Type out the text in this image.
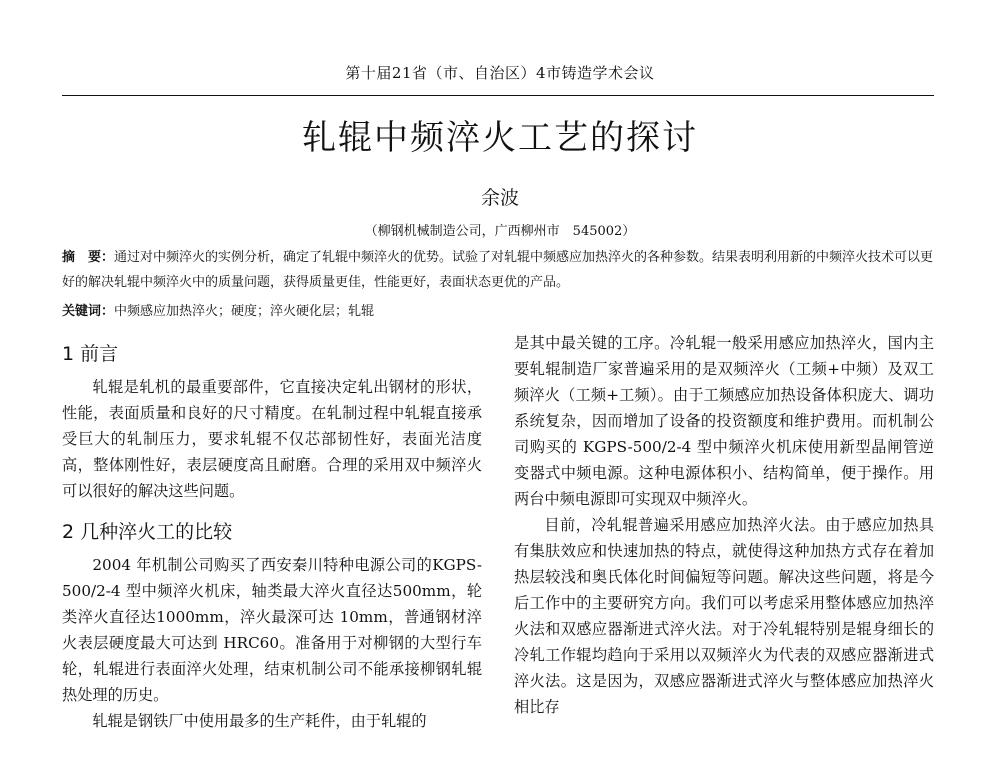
第十届21省（市、自治区）4市铸造学术会议
轧辊中频淬火工艺的探讨
余波
（柳钢机械制造公司，广西柳州市　545002）
摘　要：通过对中频淬火的实例分析，确定了轧辊中频淬火的优势。试验了对轧辊中频感应加热淬火的各种参数。结果表明利用新的中频淬火技术可以更好的解决轧辊中频淬火中的质量问题，获得质量更佳，性能更好，表面状态更优的产品。
关键词：中频感应加热淬火；硬度；淬火硬化层；轧辊
1 前言

轧辊是轧机的最重要部件，它直接决定轧出钢材的形状，性能，表面质量和良好的尺寸精度。在轧制过程中轧辊直接承受巨大的轧制压力，要求轧辊不仅芯部韧性好，表面光洁度高，整体刚性好，表层硬度高且耐磨。合理的采用双中频淬火可以很好的解决这些问题。

2 几种淬火工的比较

2004 年机制公司购买了西安秦川特种电源公司的KGPS-500/2-4 型中频淬火机床，轴类最大淬火直径达500mm，轮类淬火直径达1000mm，淬火最深可达 10mm，普通钢材淬火表层硬度最大可达到 HRC60。准备用于对柳钢的大型行车轮，轧辊进行表面淬火处理，结束机制公司不能承接柳钢轧辊热处理的历史。

轧辊是钢铁厂中使用最多的生产耗件，由于轧辊的

是其中最关键的工序。冷轧辊一般采用感应加热淬火，国内主要轧辊制造厂家普遍采用的是双频淬火（工频+中频）及双工频淬火（工频+工频）。由于工频感应加热设备体积庞大、调功系统复杂，因而增加了设备的投资额度和维护费用。而机制公司购买的 KGPS-500/2-4 型中频淬火机床使用新型晶闸管逆变器式中频电源。这种电源体积小、结构简单，便于操作。用两台中频电源即可实现双中频淬火。

目前，冷轧辊普遍采用感应加热淬火法。由于感应加热具有集肤效应和快速加热的特点，就使得这种加热方式存在着加热层较浅和奥氏体化时间偏短等问题。解决这些问题，将是今后工作中的主要研究方向。我们可以考虑采用整体感应加热淬火法和双感应器渐进式淬火法。对于冷轧辊特别是辊身细长的冷轧工作辊均趋向于采用以双频淬火为代表的双感应器渐进式淬火法。这是因为，双感应器渐进式淬火与整体感应加热淬火相比存
